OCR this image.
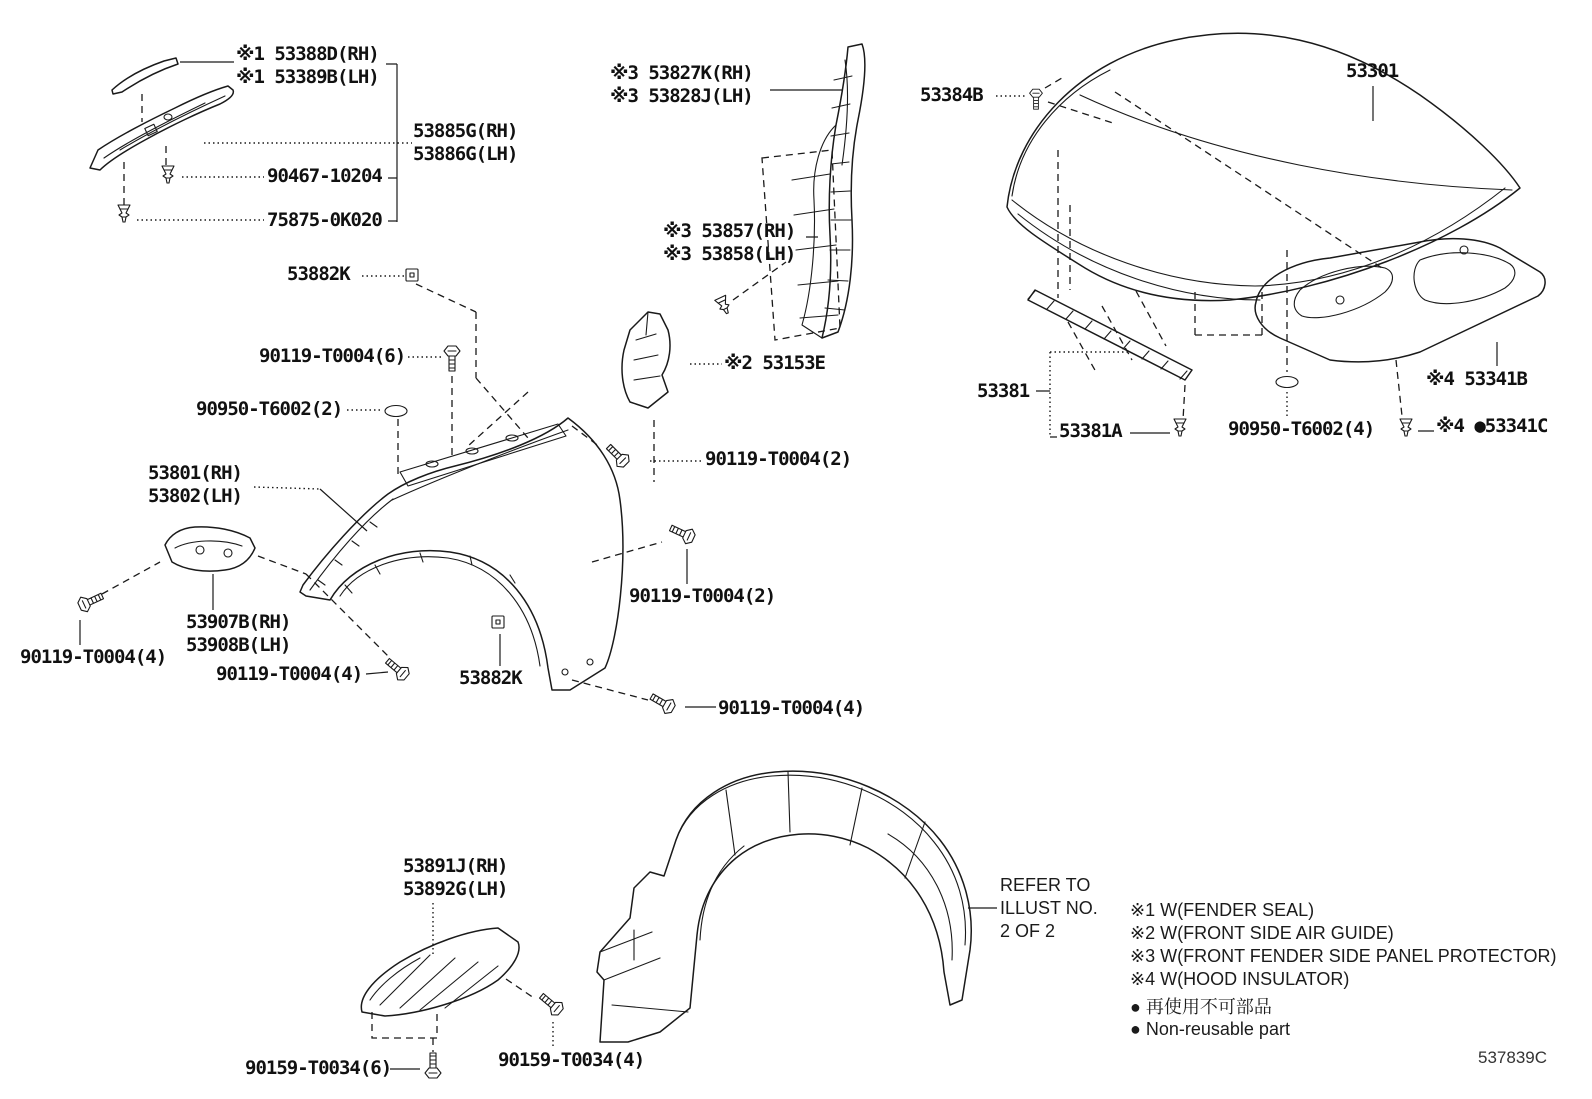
※1 53388D(RH)
※1 53389B(LH)
53885G(RH)
53886G(LH)
90467-10204
75875-0K020
53882K
90119-T0004(6)
90950-T6002(2)
53801(RH)
53802(LH)
53907B(RH)
53908B(LH)
90119-T0004(4)
90119-T0004(4)	53882K
90119-T0004(4)
※3 53827K(RH)
※3 53828J(LH)
※3 53857(RH)
※3 53858(LH)
※2 53153E
90119-T0004(2)
90119-T0004(2)
53384B
53301
53381
53381A	90950-T6002(4)
※4 53341B
※4 ●53341C
53891J(RH)
53892G(LH)
90159-T0034(6)	90159-T0034(4)
REFER TO
ILLUST NO.
2 OF 2
※1 W(FENDER SEAL)
※2 W(FRONT SIDE AIR GUIDE)
※3 W(FRONT FENDER SIDE PANEL PROTECTOR)
※4 W(HOOD INSULATOR)
● 再使用不可部品
● Non-reusable part
537839C
